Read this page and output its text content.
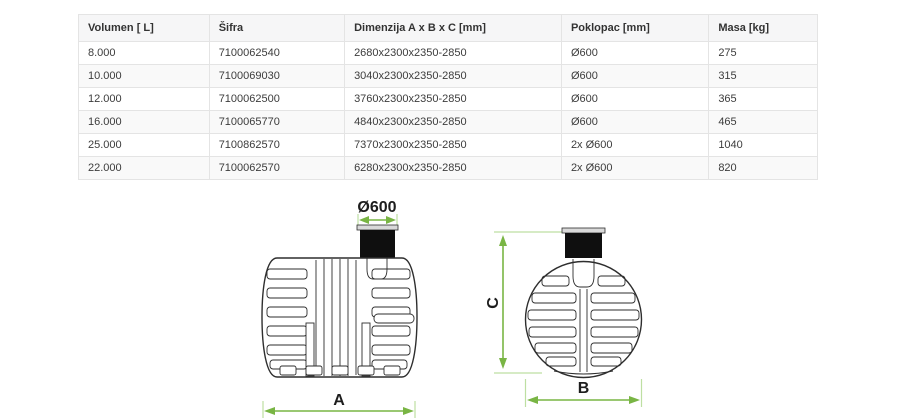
Volumen [ L]	Šifra	Dimenzija A x B x C [mm]	Poklopac [mm]	Masa [kg]
8.000	7100062540	2680x2300x2350-2850	Ø600	275
10.000	7100069030	3040x2300x2350-2850	Ø600	315
12.000	7100062500	3760x2300x2350-2850	Ø600	365
16.000	7100065770	4840x2300x2350-2850	Ø600	465
25.000	7100862570	7370x2300x2350-2850	2x Ø600	1040
22.000	7100062570	6280x2300x2350-2850	2x Ø600	820
Ø600
A
C
B
